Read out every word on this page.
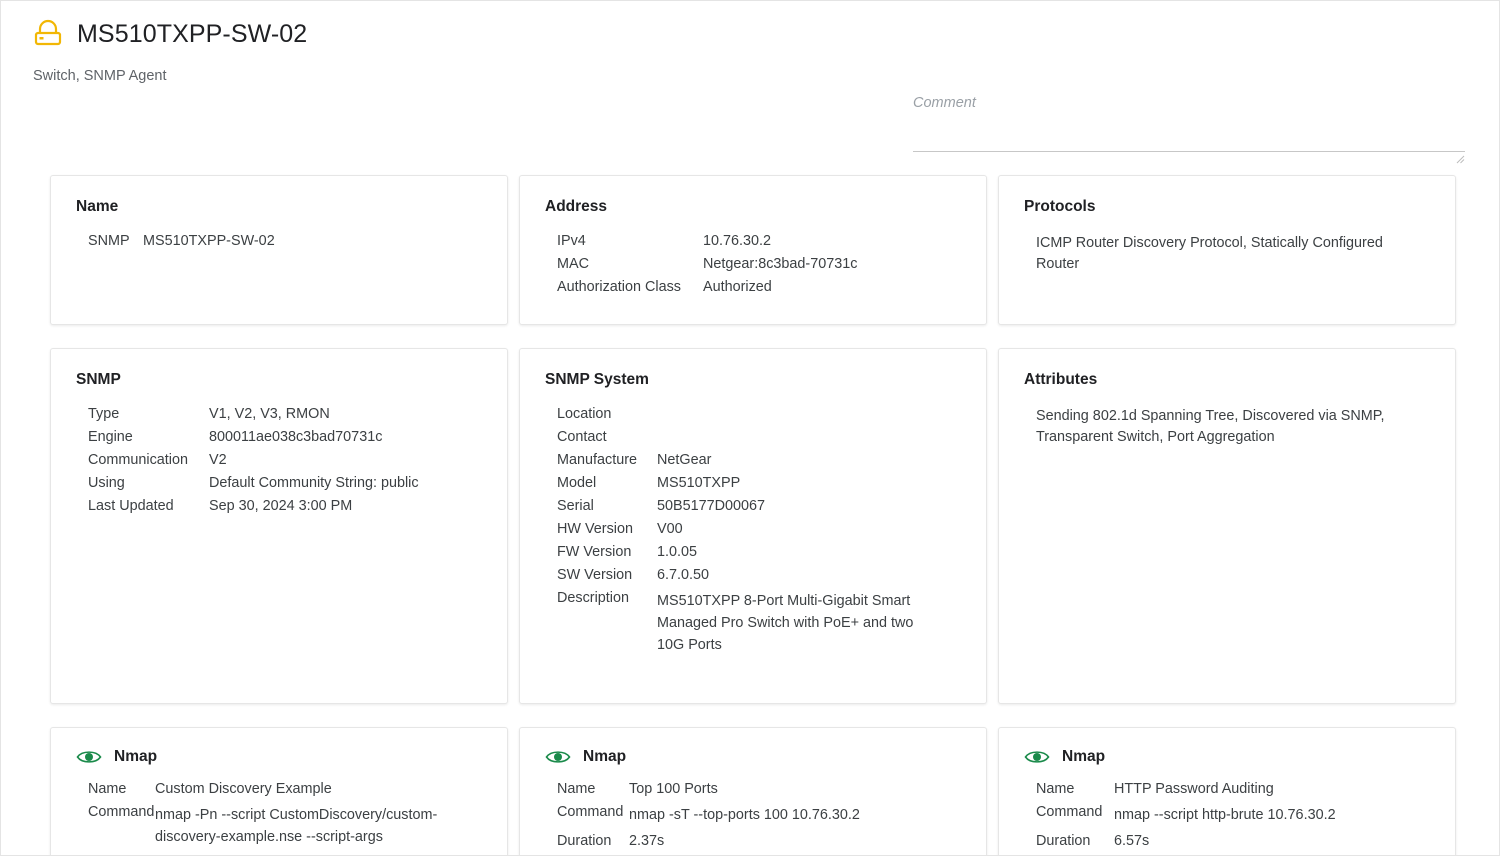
MS510TXPP-SW-02
Switch, SNMP Agent
Comment
Name
SNMP MS510TXPP-SW-02
Address
IPv4	10.76.30.2
MAC	Netgear:8c3bad-70731c
Authorization Class	Authorized
Protocols
ICMP Router Discovery Protocol, Statically Configured Router
SNMP
Type	V1, V2, V3, RMON
Engine	800011ae038c3bad70731c
Communication	V2
Using	Default Community String: public
Last Updated	Sep 30, 2024 3:00 PM
SNMP System
Location
Contact
Manufacture	NetGear
Model	MS510TXPP
Serial	50B5177D00067
HW Version	V00
FW Version	1.0.05
SW Version	6.7.0.50
Description	MS510TXPP 8-Port Multi-Gigabit Smart Managed Pro Switch with PoE+ and two 10G Ports
Attributes
Sending 802.1d Spanning Tree, Discovered via SNMP, Transparent Switch, Port Aggregation
Nmap
Name	Custom Discovery Example
Command nmap -Pn --script CustomDiscovery/custom-discovery-example.nse --script-args
Nmap
Name	Top 100 Ports
Command nmap -sT --top-ports 100 10.76.30.2
Duration	2.37s
Nmap
Name	HTTP Password Auditing
Command nmap --script http-brute 10.76.30.2
Duration	6.57s
